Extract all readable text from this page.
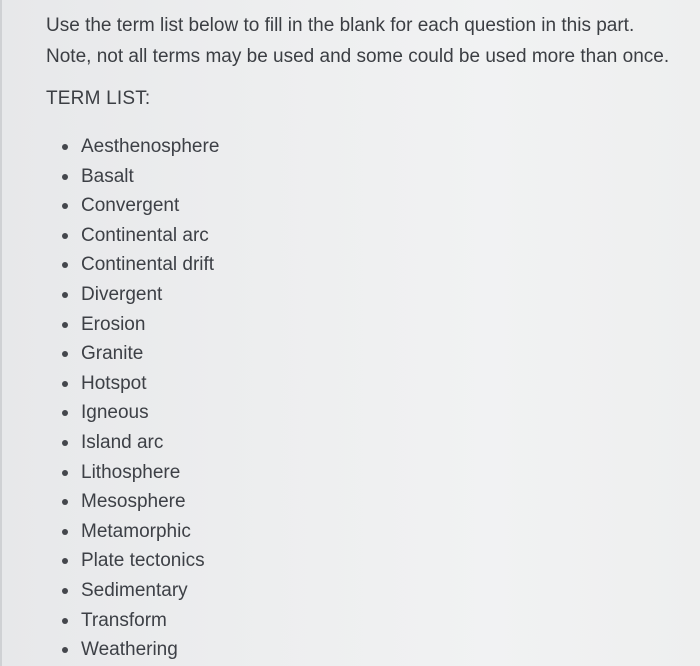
Use the term list below to fill in the blank for each question in this part.

Note, not all terms may be used and some could be used more than once.

TERM LIST:
Aesthenosphere
Basalt
Convergent
Continental arc
Continental drift
Divergent
Erosion
Granite
Hotspot
Igneous
Island arc
Lithosphere
Mesosphere
Metamorphic
Plate tectonics
Sedimentary
Transform
Weathering
